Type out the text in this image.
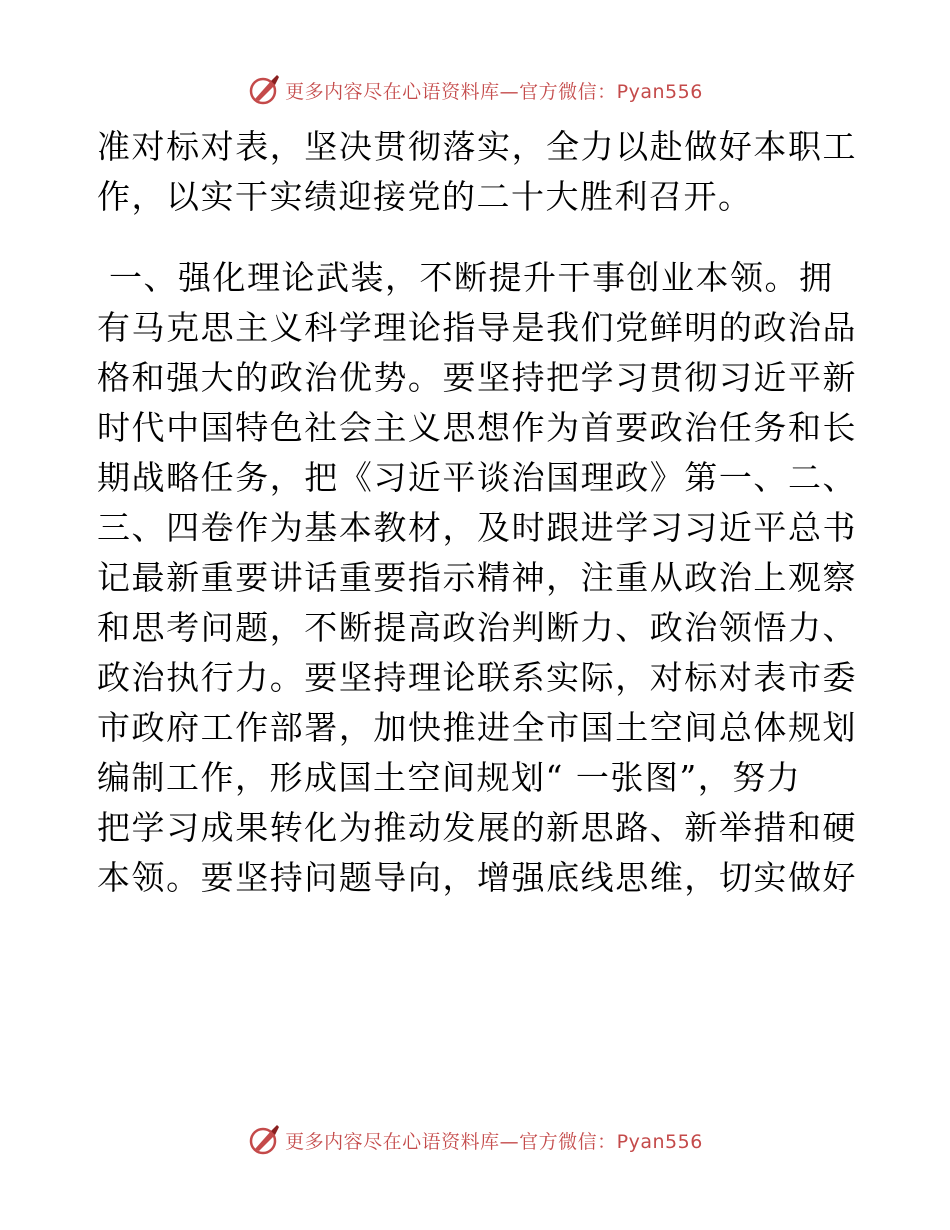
更多内容尽在心语资料库—官方微信：Pyan556
准对标对表，坚决贯彻落实，全力以赴做好本职工
作，以实干实绩迎接党的二十大胜利召开。
一、强化理论武装，不断提升干事创业本领。拥
有马克思主义科学理论指导是我们党鲜明的政治品
格和强大的政治优势。要坚持把学习贯彻习近平新
时代中国特色社会主义思想作为首要政治任务和长
期战略任务，把《习近平谈治国理政》第一、二、
三、四卷作为基本教材，及时跟进学习习近平总书
记最新重要讲话重要指示精神，注重从政治上观察
和思考问题，不断提高政治判断力、政治领悟力、
政治执行力。要坚持理论联系实际，对标对表市委
市政府工作部署，加快推进全市国土空间总体规划
编制工作，形成国土空间规划“ 一张图”，努力
把学习成果转化为推动发展的新思路、新举措和硬
本领。要坚持问题导向，增强底线思维，切实做好
更多内容尽在心语资料库—官方微信：Pyan556
